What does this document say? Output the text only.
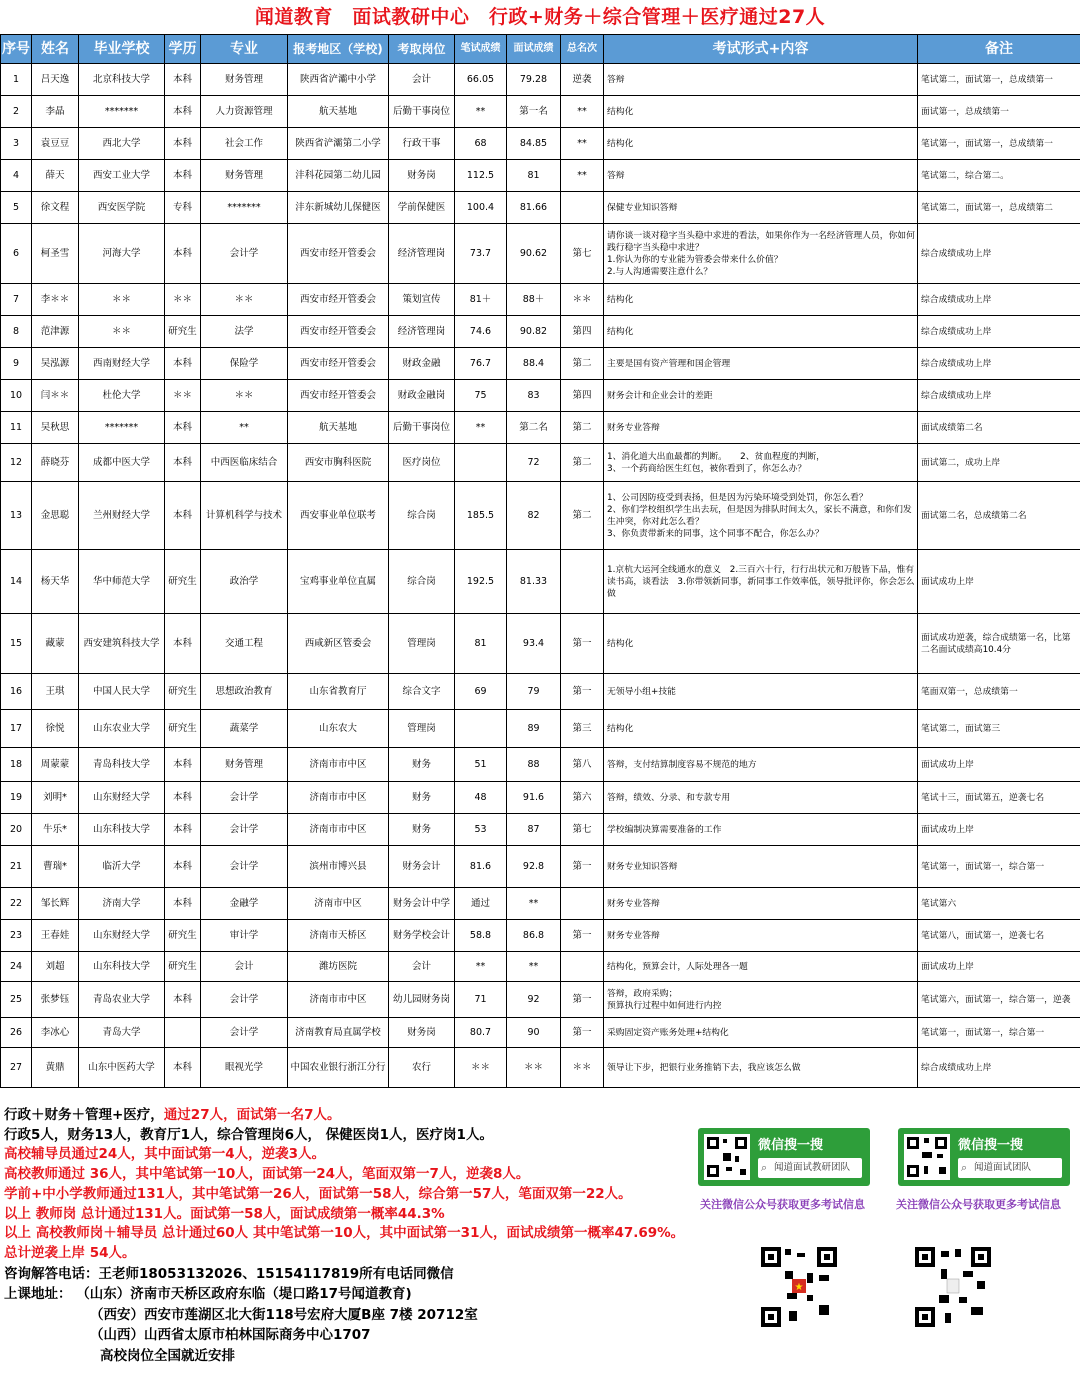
闻道教育　面试教研中心　行政+财务＋综合管理＋医疗通过27人
序号	姓名	毕业学校	学历	专业	报考地区（学校)	考取岗位	笔试成绩	面试成绩	总名次	考试形式+内容	备注
1	吕天逸	北京科技大学	本科	财务管理	陕西省浐灞中小学	会计	66.05	79.28	逆袭	答辩	笔试第二，面试第一，总成绩第一
2	李晶	*******	本科	人力资源管理	航天基地	后勤干事岗位	**	第一名	**	结构化	面试第一，总成绩第一
3	袁豆豆	西北大学	本科	社会工作	陕西省浐灞第二小学	行政干事	68	84.85	**	结构化	笔试第一，面试第一，总成绩第一
4	薛天	西安工业大学	本科	财务管理	沣科花园第二幼儿园	财务岗	112.5	81	**	答辩	笔试第二，综合第二。
5	徐文程	西安医学院	专科	*******	沣东新城幼儿保健医	学前保健医	100.4	81.66		保健专业知识答辩	笔试第二，面试第一，总成绩第二
6	柯圣雪	河海大学	本科	会计学	西安市经开管委会	经济管理岗	73.7	90.62	第七	请你谈一谈对稳字当头稳中求进的看法，如果你作为一名经济管理人员，你如何践行稳字当头稳中求进？
1.你认为你的专业能为管委会带来什么价值？
2.与人沟通需要注意什么？	综合成绩成功上岸
7	李＊＊	＊＊	＊＊	＊＊	西安市经开管委会	策划宣传	81＋	88＋	＊＊	结构化	综合成绩成功上岸
8	范津源	＊＊	研究生	法学	西安市经开管委会	经济管理岗	74.6	90.82	第四	结构化	综合成绩成功上岸
9	吴泓源	西南财经大学	本科	保险学	西安市经开管委会	财政金融	76.7	88.4	第二	主要是国有资产管理和国企管理	综合成绩成功上岸
10	闫＊＊	杜伦大学	＊＊	＊＊	西安市经开管委会	财政金融岗	75	83	第四	财务会计和企业会计的差距	综合成绩成功上岸
11	吴秋思	*******	本科	**	航天基地	后勤干事岗位	**	第二名	第二	财务专业答辩	面试成绩第二名
12	薛晓芬	成都中医大学	本科	中西医临床结合	西安市胸科医院	医疗岗位		72	第二	1、消化道大出血最都的判断。　　2、贫血程度的判断，
3、一个药商给医生红包，被你看到了，你怎么办？	面试第二，成功上岸
13	金思聪	兰州财经大学	本科	计算机科学与技术	西安事业单位联考	综合岗	185.5	82	第二	1、公司因防疫受到表扬，但是因为污染环境受到处罚，你怎么看？
2、你们学校组织学生出去玩，但是因为排队时间太久，家长不满意，和你们发生冲突，你对此怎么看？
3、你负责带新来的同事，这个同事不配合，你怎么办？	面试第二名，总成绩第二名
14	杨天华	华中师范大学	研究生	政治学	宝鸡事业单位直属	综合岗	192.5	81.33		1.京杭大运河全线通水的意义　2.三百六十行，行行出状元和万般皆下品，惟有读书高，谈看法　3.你带领新同事，新同事工作效率低，领导批评你，你会怎么做	面试成功上岸
15	藏蒙	西安建筑科技大学	本科	交通工程	西咸新区管委会	管理岗	81	93.4	第一	结构化	面试成功逆袭，综合成绩第一名，比第二名面试成绩高10.4分
16	王琪	中国人民大学	研究生	思想政治教育	山东省教育厅	综合文字	69	79	第一	无领导小组+技能	笔面双第一，总成绩第一
17	徐悦	山东农业大学	研究生	蔬菜学	山东农大	管理岗		89	第三	结构化	笔试第二，面试第三
18	周蒙蒙	青岛科技大学	本科	财务管理	济南市市中区	财务	51	88	第八	答辩，支付结算制度容易不规范的地方	面试成功上岸
19	刘明*	山东财经大学	本科	会计学	济南市市中区	财务	48	91.6	第六	答辩，绩效、分录、和专款专用	笔试十三，面试第五，逆袭七名
20	牛乐*	山东科技大学	本科	会计学	济南市市中区	财务	53	87	第七	学校编制决算需要准备的工作	面试成功上岸
21	曹瑞*	临沂大学	本科	会计学	滨州市博兴县	财务会计	81.6	92.8	第一	财务专业知识答辩	笔试第一，面试第一，综合第一
22	邹长辉	济南大学	本科	金融学	济南市中区	财务会计中学	通过	**		财务专业答辩	笔试第六
23	王春娃	山东财经大学	研究生	审计学	济南市天桥区	财务学校会计	58.8	86.8	第一	财务专业答辩	笔试第八，面试第一，逆袭七名
24	刘超	山东科技大学	研究生	会计	潍坊医院	会计	**	**		结构化，预算会计，人际处理各一题	面试成功上岸
25	张梦钰	青岛农业大学	本科	会计学	济南市市中区	幼儿园财务岗	71	92	第一	答辩，政府采购；
预算执行过程中如何进行内控	笔试第六，面试第一，综合第一，逆袭
26	李冰心	青岛大学		会计学	济南教育局直属学校	财务岗	80.7	90	第一	采购固定资产账务处理+结构化	笔试第一，面试第一，综合第一
27	黄鼎	山东中医药大学	本科	眼视光学	中国农业银行浙江分行	农行	＊＊	＊＊	＊＊	领导让下步，把银行业务推销下去，我应该怎么做	综合成绩成功上岸
行政＋财务＋管理+医疗，通过27人，面试第一名7人。
行政5人，财务13人，教育厅1人，综合管理岗6人， 保健医岗1人，医疗岗1人。
高校辅导员通过24人，其中面试第一4人，逆袭3人。
高校教师通过 36人，其中笔试第一10人，面试第一24人，笔面双第一7人，逆袭8人。
学前+中小学教师通过131人，其中笔试第一26人，面试第一58人，综合第一57人，笔面双第一22人。
以上 教师岗 总计通过131人。面试第一58人，面试成绩第一概率44.3%
以上 高校教师岗＋辅导员 总计通过60人 其中笔试第一10人，其中面试第一31人，面试成绩第一概率47.69%。
总计逆袭上岸 54人。
咨询解答电话：王老师18053132026、15154117819所有电话同微信
上课地址： （山东）济南市天桥区政府东临（堤口路17号闻道教育)
（西安）西安市莲湖区北大街118号宏府大厦B座 7楼 20712室
（山西）山西省太原市柏林国际商务中心1707
高校岗位全国就近安排
微信搜一搜
⌕ 闻道面试教研团队
关注微信公众号获取更多考试信息
微信搜一搜
⌕ 闻道面试团队
关注微信公众号获取更多考试信息
★
